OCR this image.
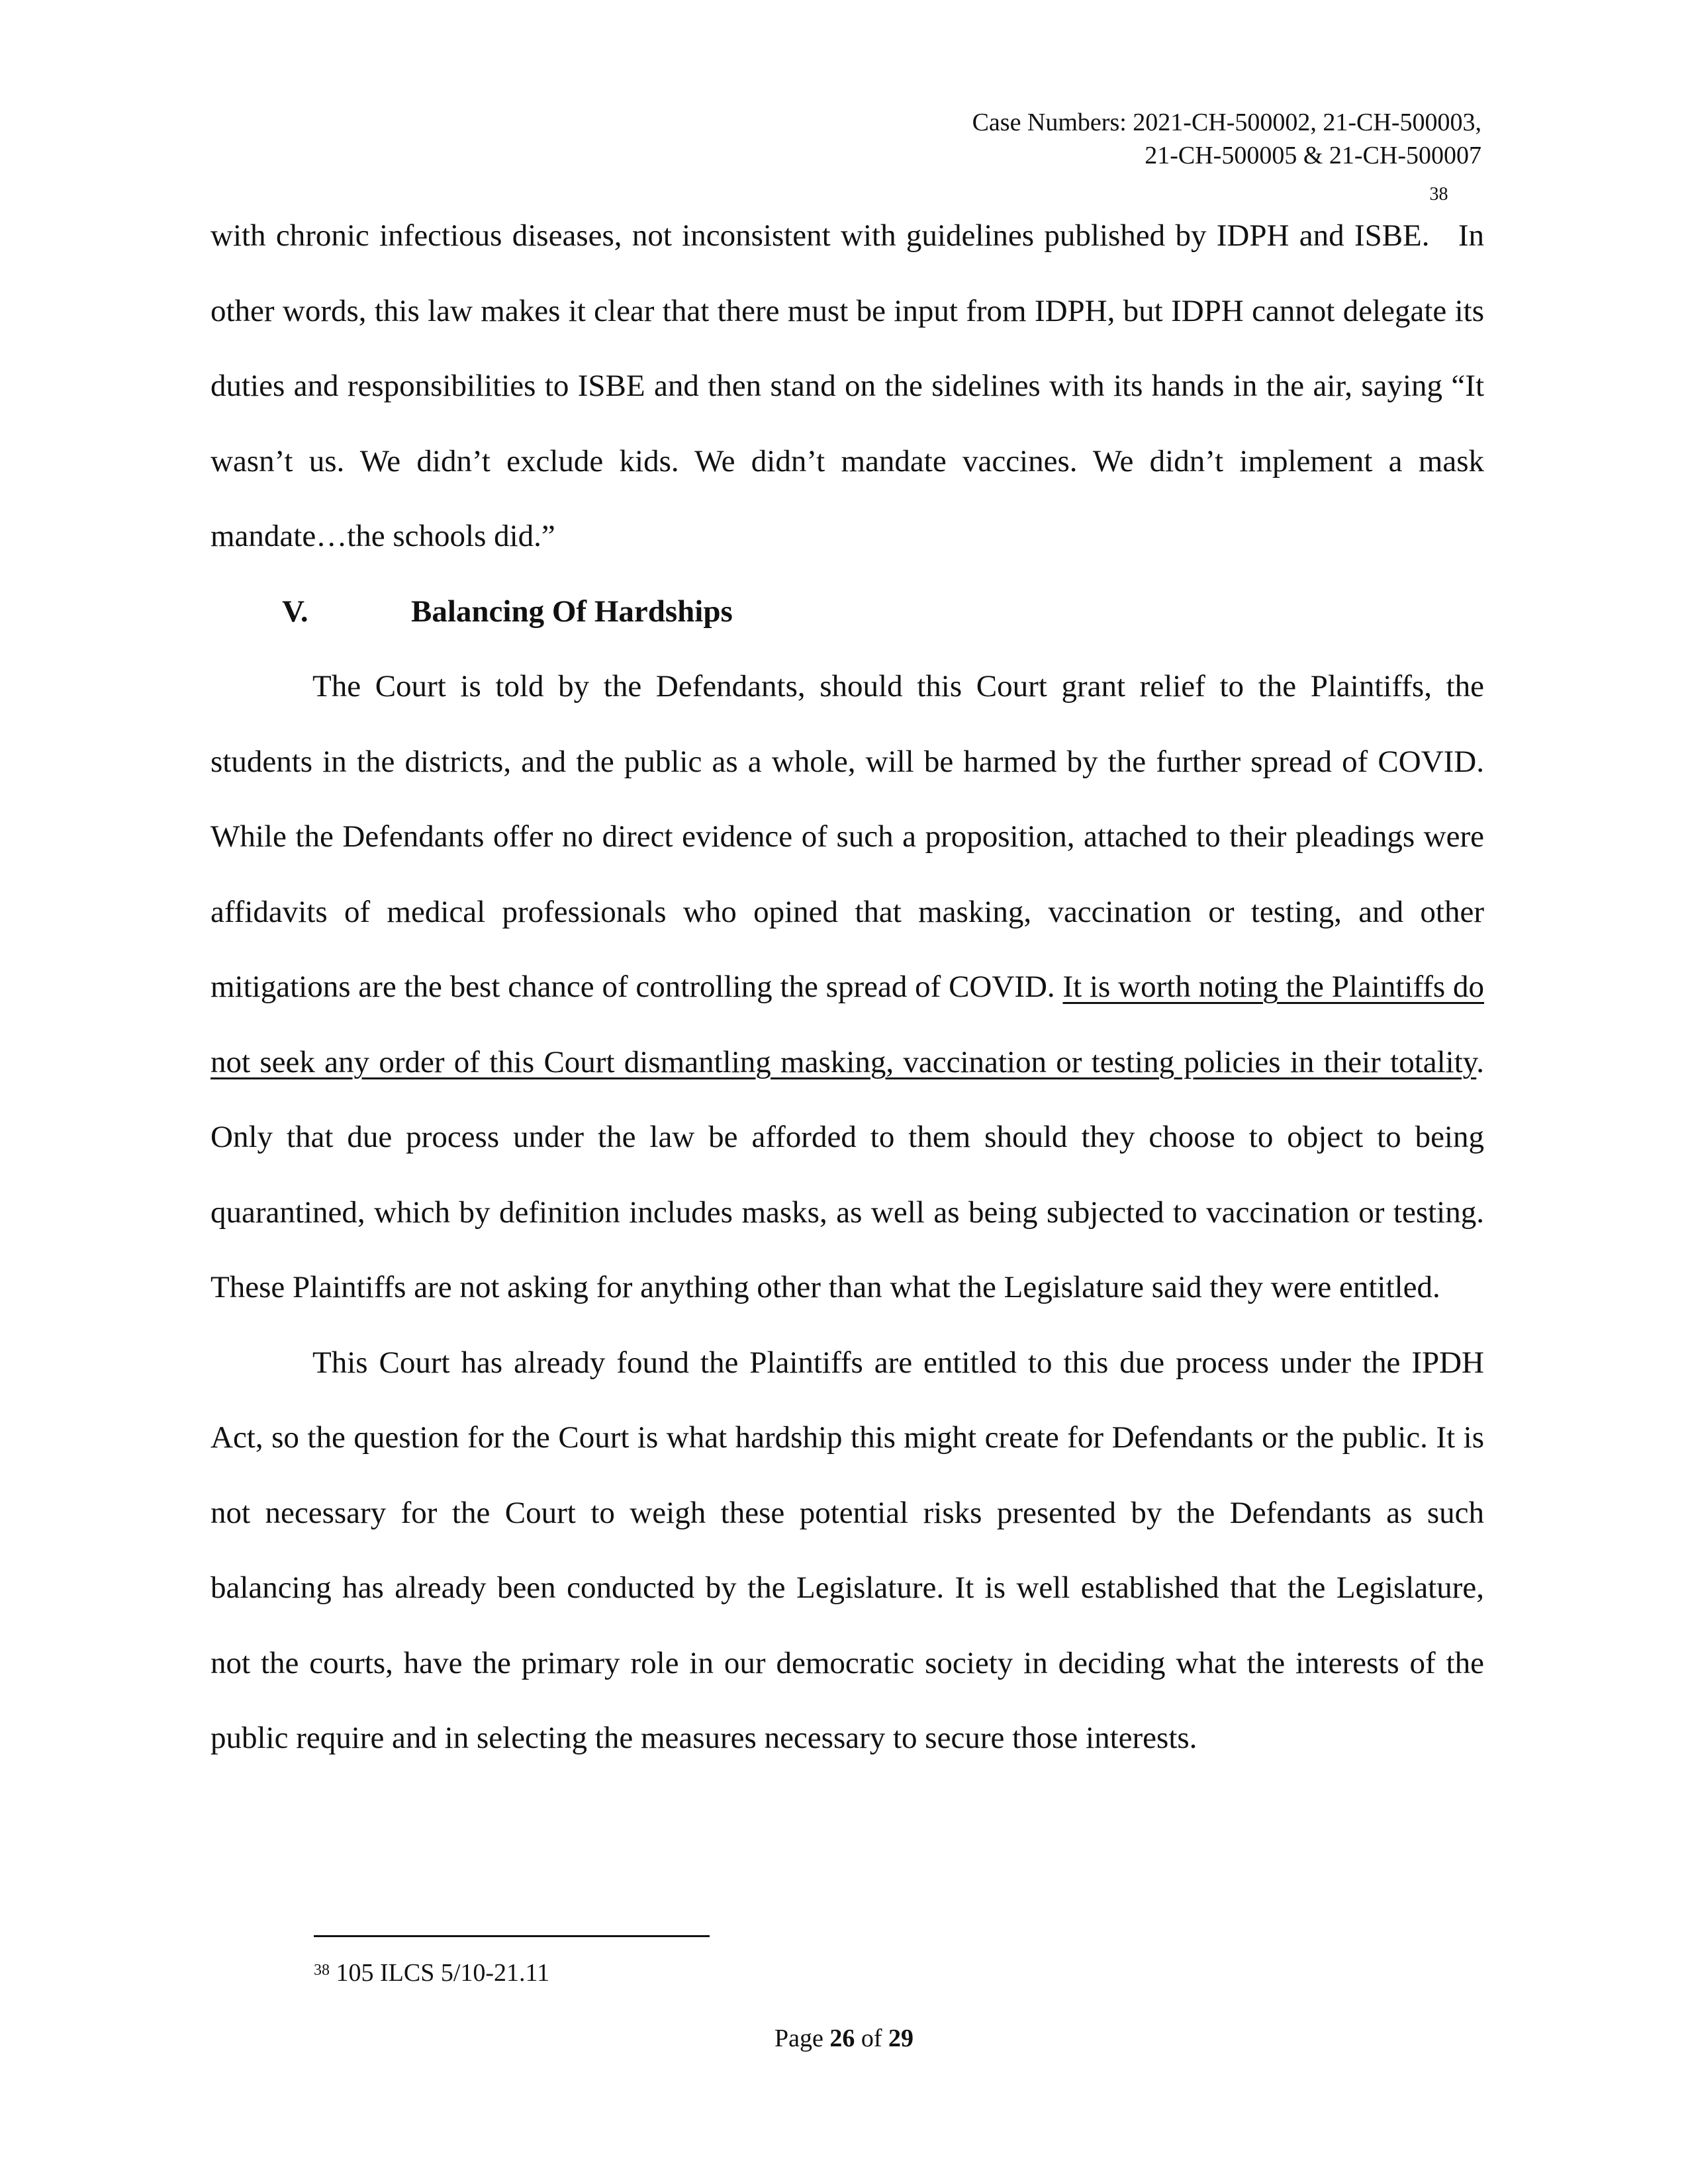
Case Numbers: 2021-CH-500002, 21-CH-500003,
21-CH-500005 & 21-CH-500007

with chronic infectious diseases, not inconsistent with guidelines published by IDPH and ISBE.$^{38}$ In other words, this law makes it clear that there must be input from IDPH, but IDPH cannot delegate its duties and responsibilities to ISBE and then stand on the sidelines with its hands in the air, saying “It wasn’t us. We didn’t exclude kids. We didn’t mandate vaccines. We didn’t implement a mask mandate…the schools did.”

V.	Balancing Of Hardships

The Court is told by the Defendants, should this Court grant relief to the Plaintiffs, the students in the districts, and the public as a whole, will be harmed by the further spread of COVID. While the Defendants offer no direct evidence of such a proposition, attached to their pleadings were affidavits of medical professionals who opined that masking, vaccination or testing, and other mitigations are the best chance of controlling the spread of COVID. It is worth noting the Plaintiffs do not seek any order of this Court dismantling masking, vaccination or testing policies in their totality. Only that due process under the law be afforded to them should they choose to object to being quarantined, which by definition includes masks, as well as being subjected to vaccination or testing. These Plaintiffs are not asking for anything other than what the Legislature said they were entitled.

This Court has already found the Plaintiffs are entitled to this due process under the IPDH Act, so the question for the Court is what hardship this might create for Defendants or the public. It is not necessary for the Court to weigh these potential risks presented by the Defendants as such balancing has already been conducted by the Legislature. It is well established that the Legislature, not the courts, have the primary role in our democratic society in deciding what the interests of the public require and in selecting the measures necessary to secure those interests.

$^{38}$ 105 ILCS 5/10-21.11
Page 26 of 29
